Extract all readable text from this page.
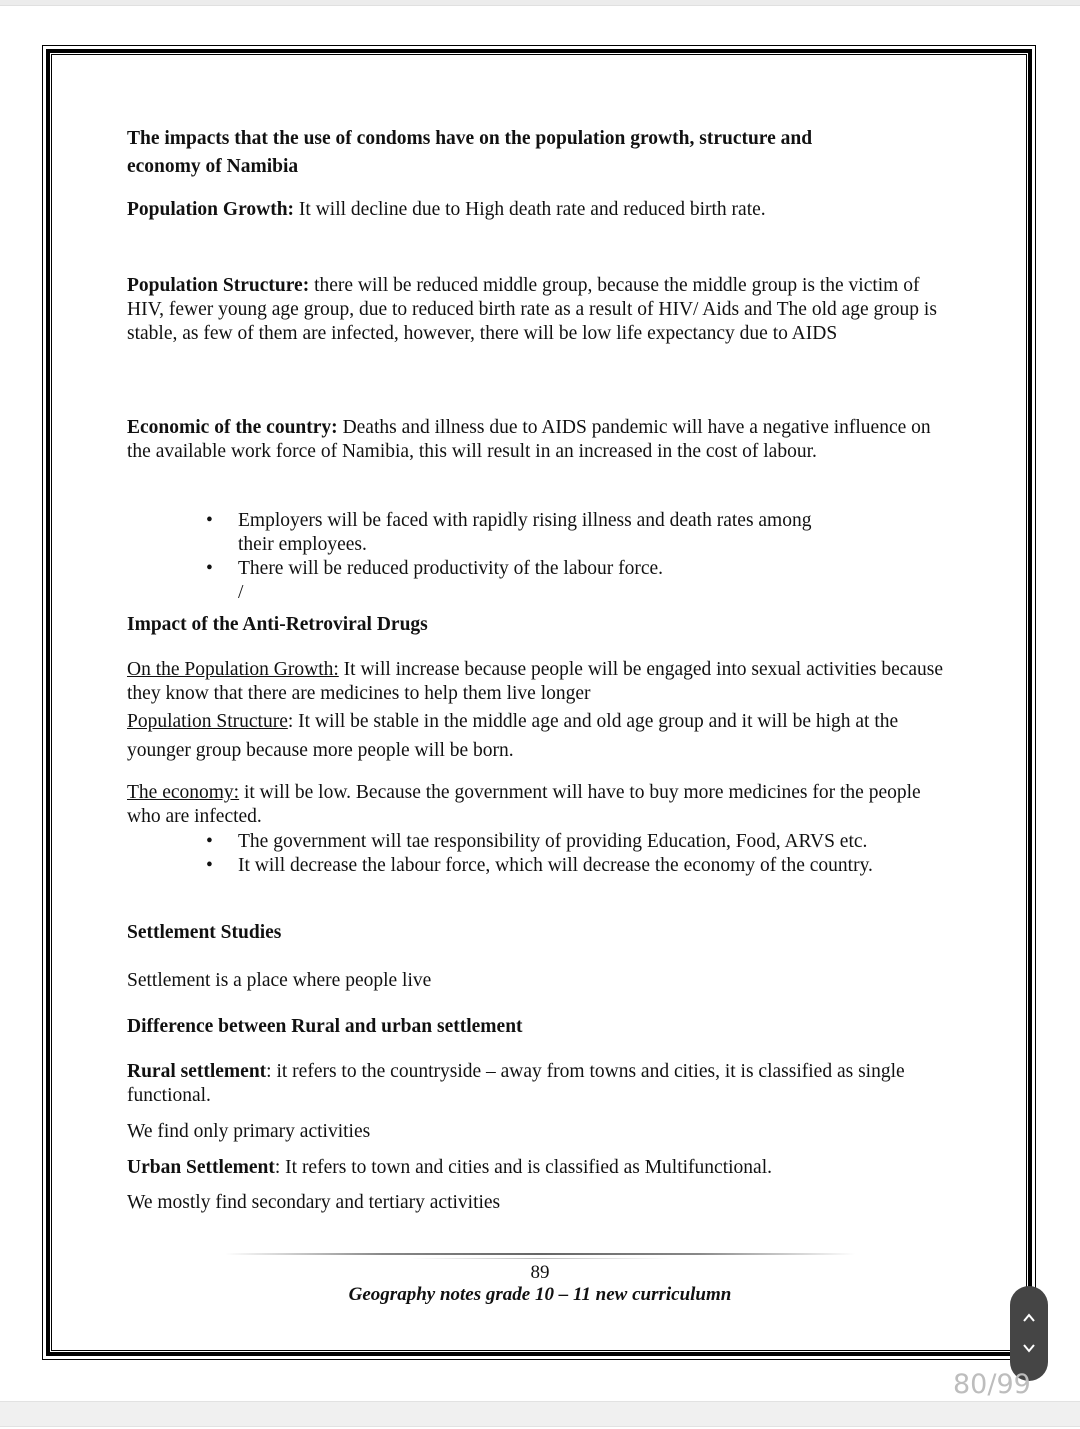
The impacts that the use of condoms have on the population growth, structure and economy of Namibia
Population Growth: It will decline due to High death rate and reduced birth rate.
Population Structure: there will be reduced middle group, because the middle group is the victim of HIV, fewer young age group, due to reduced birth rate as a result of HIV/ Aids and The old age group is stable, as few of them are infected, however, there will be low life expectancy due to AIDS
Economic of the country: Deaths and illness due to AIDS pandemic will have a negative influence on the available work force of Namibia, this will result in an increased in the cost of labour.
• Employers will be faced with rapidly rising illness and death rates among their employees.
• There will be reduced productivity of the labour force.
/
Impact of the Anti-Retroviral Drugs
On the Population Growth: It will increase because people will be engaged into sexual activities because they know that there are medicines to help them live longer
Population Structure: It will be stable in the middle age and old age group and it will be high at the younger group because more people will be born.
The economy: it will be low. Because the government will have to buy more medicines for the people who are infected.
• The government will tae responsibility of providing Education, Food, ARVS etc.
• It will decrease the labour force, which will decrease the economy of the country.
Settlement Studies
Settlement is a place where people live
Difference between Rural and urban settlement
Rural settlement: it refers to the countryside – away from towns and cities, it is classified as single functional.
We find only primary activities
Urban Settlement: It refers to town and cities and is classified as Multifunctional.
We mostly find secondary and tertiary activities
89
Geography notes grade 10 – 11 new curriculumn
80/99
